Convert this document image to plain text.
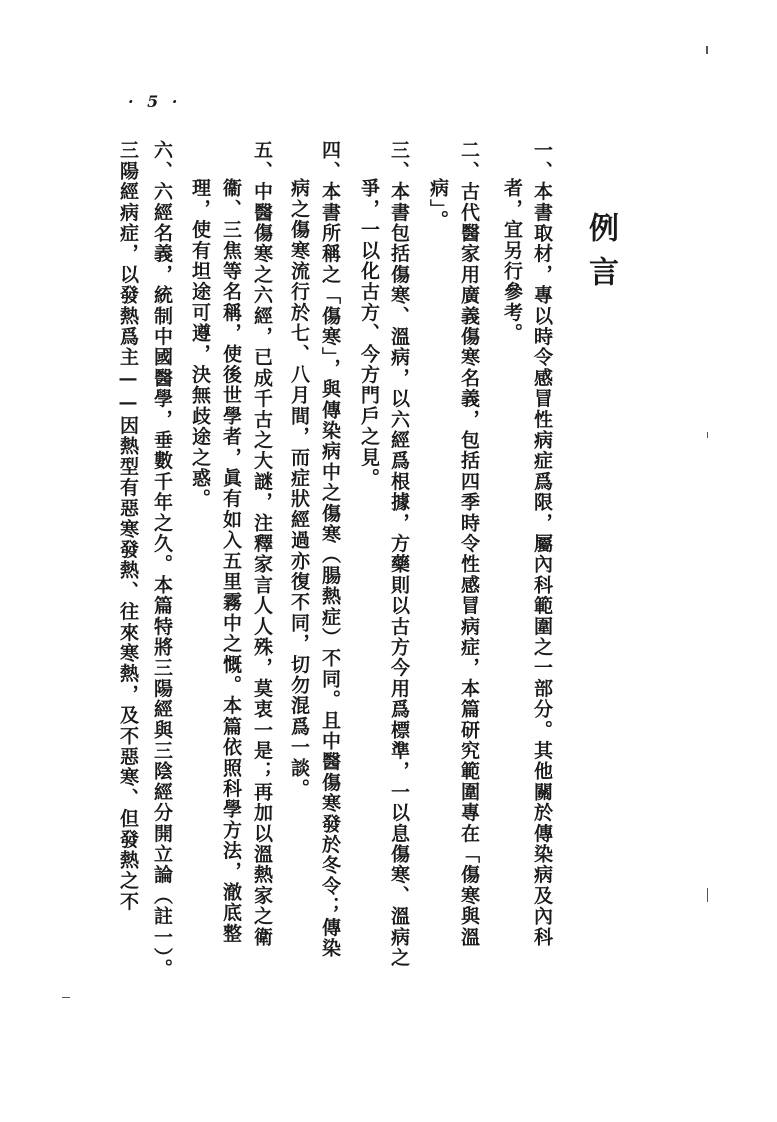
· 5 ·
例言
一、本書取材，專以時令感冒性病症爲限，屬內科範圍之一部分。其他關於傳染病及內科
者，宜另行參考。
二、古代醫家用廣義傷寒名義，包括四季時令性感冒病症，本篇研究範圍專在「傷寒與溫
病」。
三、本書包括傷寒、溫病，以六經爲根據，方藥則以古方今用爲標準，一以息傷寒、溫病之
爭，一以化古方、今方門戶之見。
四、本書所稱之「傷寒」，與傳染病中之傷寒（腸熱症）不同。且中醫傷寒發於冬令；傳染
病之傷寒流行於七、八月間，而症狀經過亦復不同，切勿混爲一談。
五、中醫傷寒之六經，已成千古之大謎，注釋家言人人殊，莫衷一是；再加以溫熱家之衛
衞、三焦等名稱，使後世學者，眞有如入五里霧中之慨。本篇依照科學方法，澈底整
理，使有坦途可遵，決無歧途之惑。
六、六經名義，統制中國醫學，垂數千年之久。本篇特將三陽經與三陰經分開立論（註一）。
三陽經病症，以發熱爲主——因熱型有惡寒發熱、往來寒熱，及不惡寒、但發熱之不
